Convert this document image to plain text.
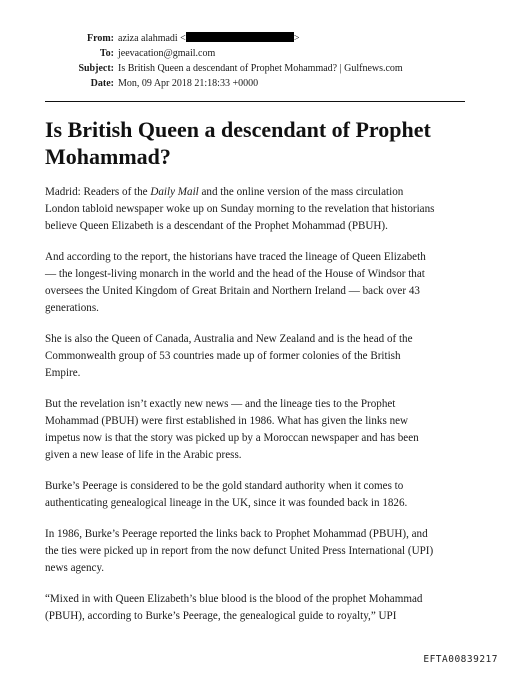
From: aziza alahmadi <	>
To: jeevacation@gmail.com
Subject: Is British Queen a descendant of Prophet Mohammad? | Gulfnews.com
Date: Mon, 09 Apr 2018 21:18:33 +0000
Is British Queen a descendant of Prophet
Mohammad?

Madrid: Readers of the Daily Mail and the online version of the mass circulation
London tabloid newspaper woke up on Sunday morning to the revelation that historians
believe Queen Elizabeth is a descendant of the Prophet Mohammad (PBUH).

And according to the report, the historians have traced the lineage of Queen Elizabeth
— the longest-living monarch in the world and the head of the House of Windsor that
oversees the United Kingdom of Great Britain and Northern Ireland — back over 43
generations.

She is also the Queen of Canada, Australia and New Zealand and is the head of the
Commonwealth group of 53 countries made up of former colonies of the British
Empire.

But the revelation isn’t exactly new news — and the lineage ties to the Prophet
Mohammad (PBUH) were first established in 1986. What has given the links new
impetus now is that the story was picked up by a Moroccan newspaper and has been
given a new lease of life in the Arabic press.

Burke’s Peerage is considered to be the gold standard authority when it comes to
authenticating genealogical lineage in the UK, since it was founded back in 1826.

In 1986, Burke’s Peerage reported the links back to Prophet Mohammad (PBUH), and
the ties were picked up in report from the now defunct United Press International (UPI)
news agency.

“Mixed in with Queen Elizabeth’s blue blood is the blood of the prophet Mohammad
(PBUH), according to Burke’s Peerage, the genealogical guide to royalty,” UPI

EFTA00839217
